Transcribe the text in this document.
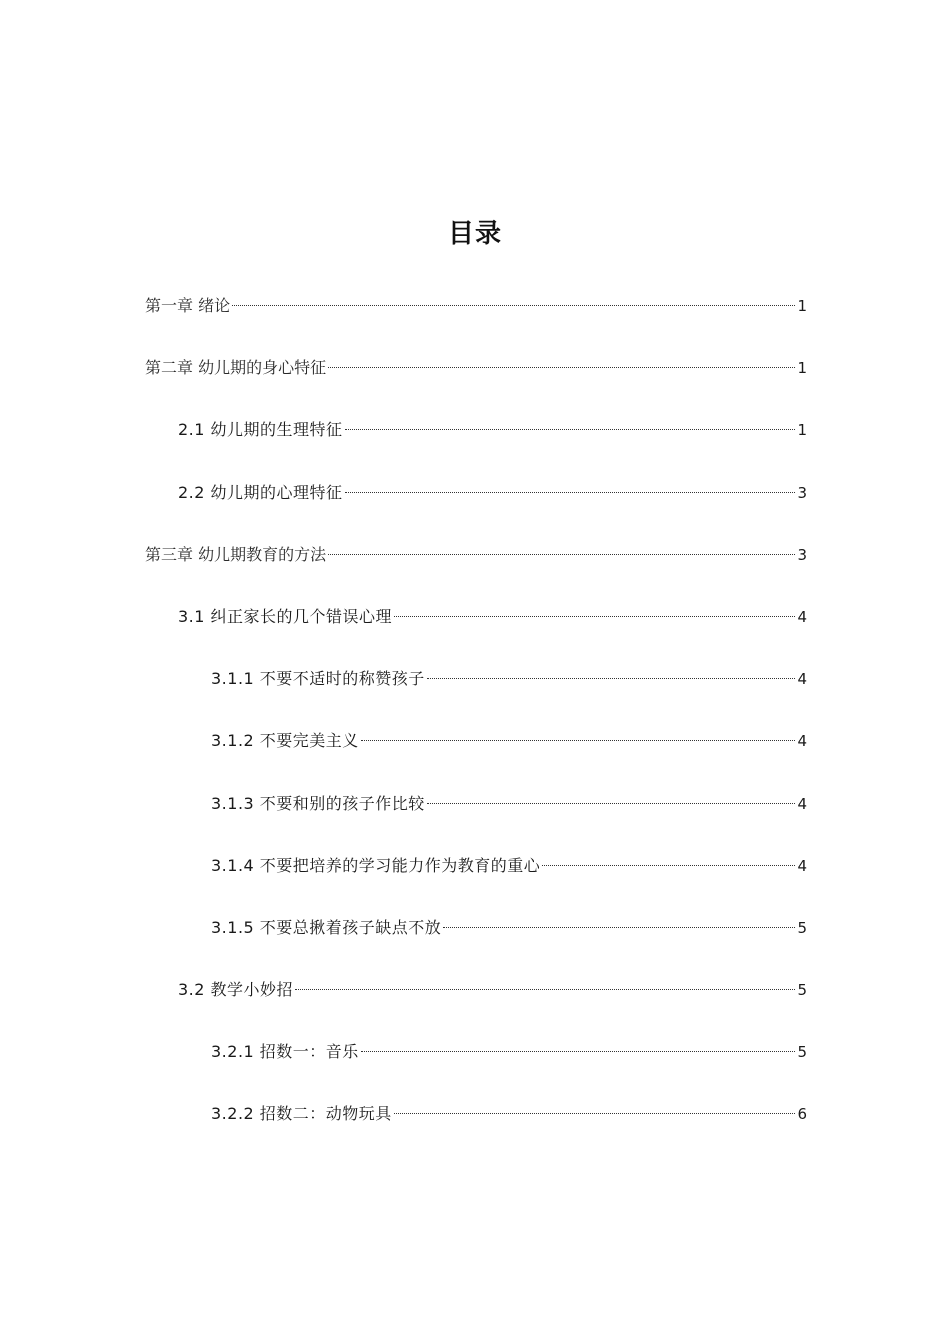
目录
第一章 绪论	1
第二章 幼儿期的身心特征	1
2.1 幼儿期的生理特征	1
2.2 幼儿期的心理特征	3
第三章 幼儿期教育的方法	3
3.1 纠正家长的几个错误心理	4
3.1.1 不要不适时的称赞孩子	4
3.1.2 不要完美主义	4
3.1.3 不要和别的孩子作比较	4
3.1.4 不要把培养的学习能力作为教育的重心	4
3.1.5 不要总揪着孩子缺点不放	5
3.2 教学小妙招	5
3.2.1 招数一：音乐	5
3.2.2 招数二：动物玩具	6
